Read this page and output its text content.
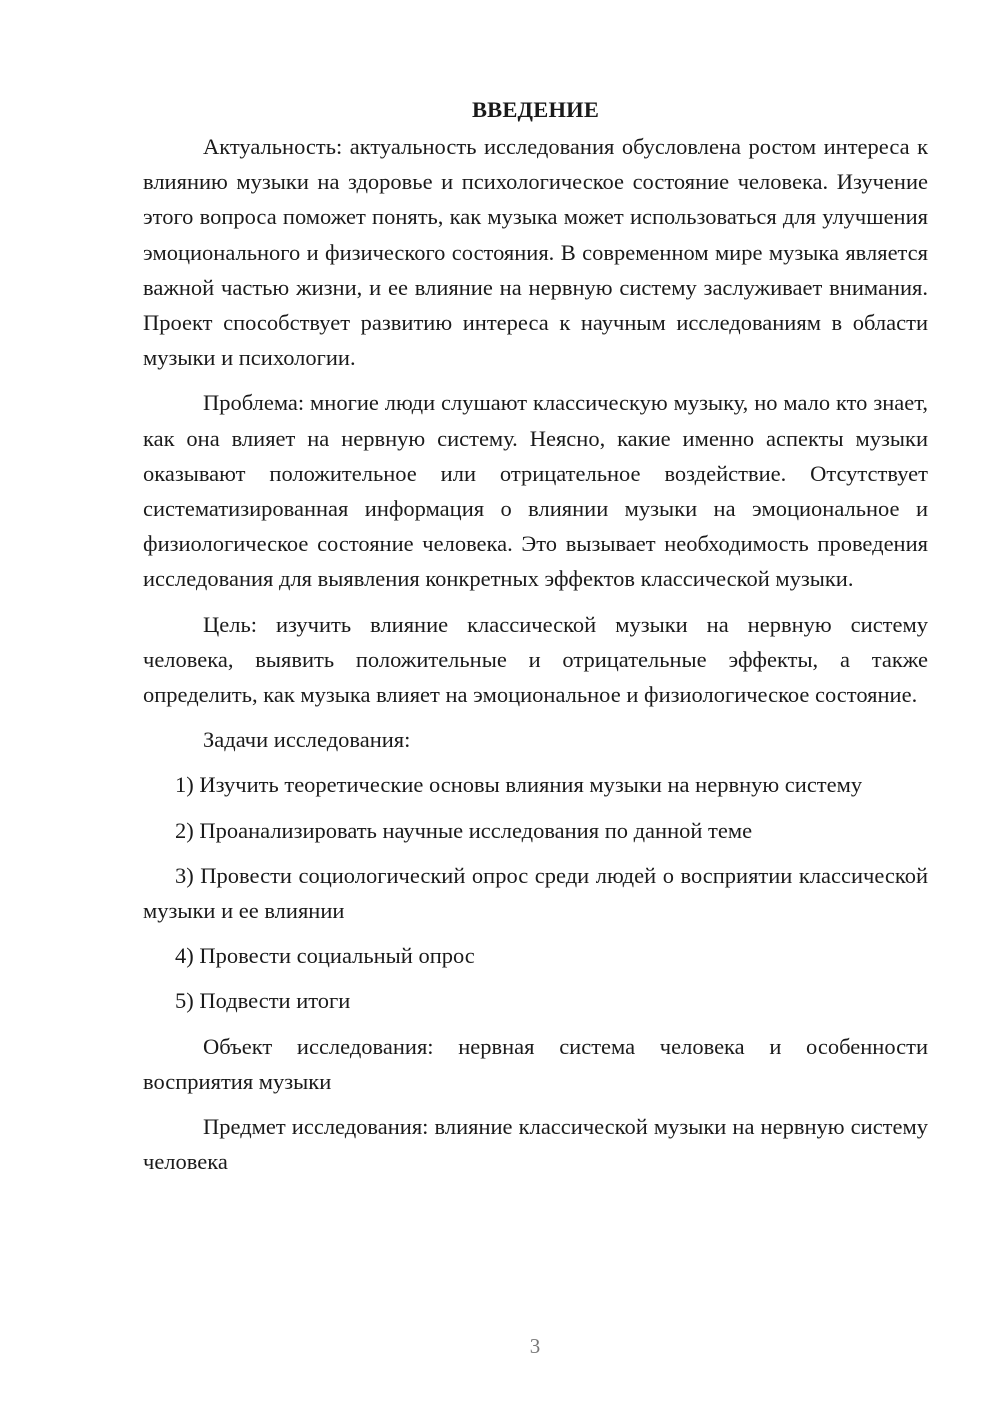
ВВЕДЕНИЕ

Актуальность: актуальность исследования обусловлена ростом интереса к влиянию музыки на здоровье и психологическое состояние человека. Изучение этого вопроса поможет понять, как музыка может использоваться для улучшения эмоционального и физического состояния. В современном мире музыка является важной частью жизни, и ее влияние на нервную систему заслуживает внимания. Проект способствует развитию интереса к научным исследованиям в области музыки и психологии.

Проблема: многие люди слушают классическую музыку, но мало кто знает, как она влияет на нервную систему. Неясно, какие именно аспекты музыки оказывают положительное или отрицательное воздействие. Отсутствует систематизированная информация о влиянии музыки на эмоциональное и физиологическое состояние человека. Это вызывает необходимость проведения исследования для выявления конкретных эффектов классической музыки.

Цель: изучить влияние классической музыки на нервную систему человека, выявить положительные и отрицательные эффекты, а также определить, как музыка влияет на эмоциональное и физиологическое состояние.

Задачи исследования:

1) Изучить теоретические основы влияния музыки на нервную систему

2) Проанализировать научные исследования по данной теме

3) Провести социологический опрос среди людей о восприятии классической музыки и ее влиянии

4) Провести социальный опрос

5) Подвести итоги

Объект исследования: нервная система человека и особенности восприятия музыки

Предмет исследования: влияние классической музыки на нервную систему человека

3
